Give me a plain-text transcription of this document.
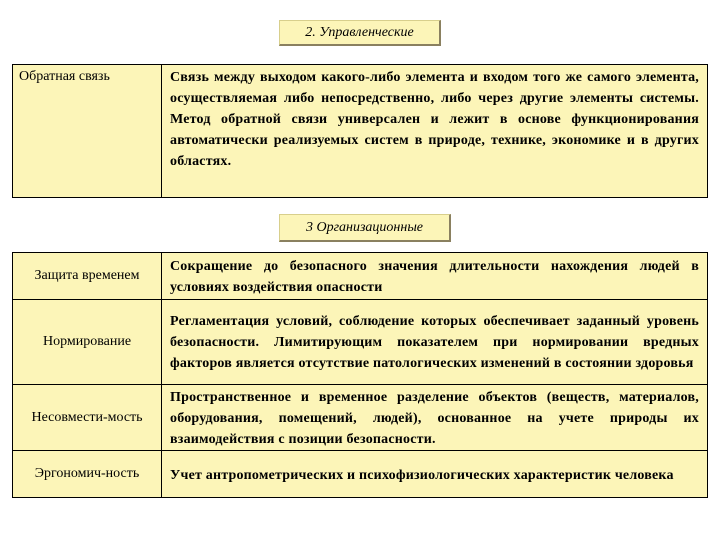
2. Управленческие
Обратная связь	Связь между выходом какого-либо элемента и входом того же самого элемента, осуществляемая либо непосредственно, либо через другие элементы системы. Метод обратной связи универсален и лежит в основе функционирования автоматически реализуемых систем в природе, технике, экономике и в других областях.
3 Организационные
Защита временем	Сокращение до безопасного значения длительности нахождения людей в условиях воздействия опасности
Нормирование	Регламентация условий, соблюдение которых обеспечивает заданный уровень безопасности. Лимитирующим показателем при нормировании вредных факторов является отсутствие патологических изменений в состоянии здоровья
Несовмести-мость	Пространственное и временное разделение объектов (веществ, материалов, оборудования, помещений, людей), основанное на учете природы их взаимодействия с позиции безопасности.
Эргономич-ность	Учет антропометрических и психофизиологических характеристик человека
